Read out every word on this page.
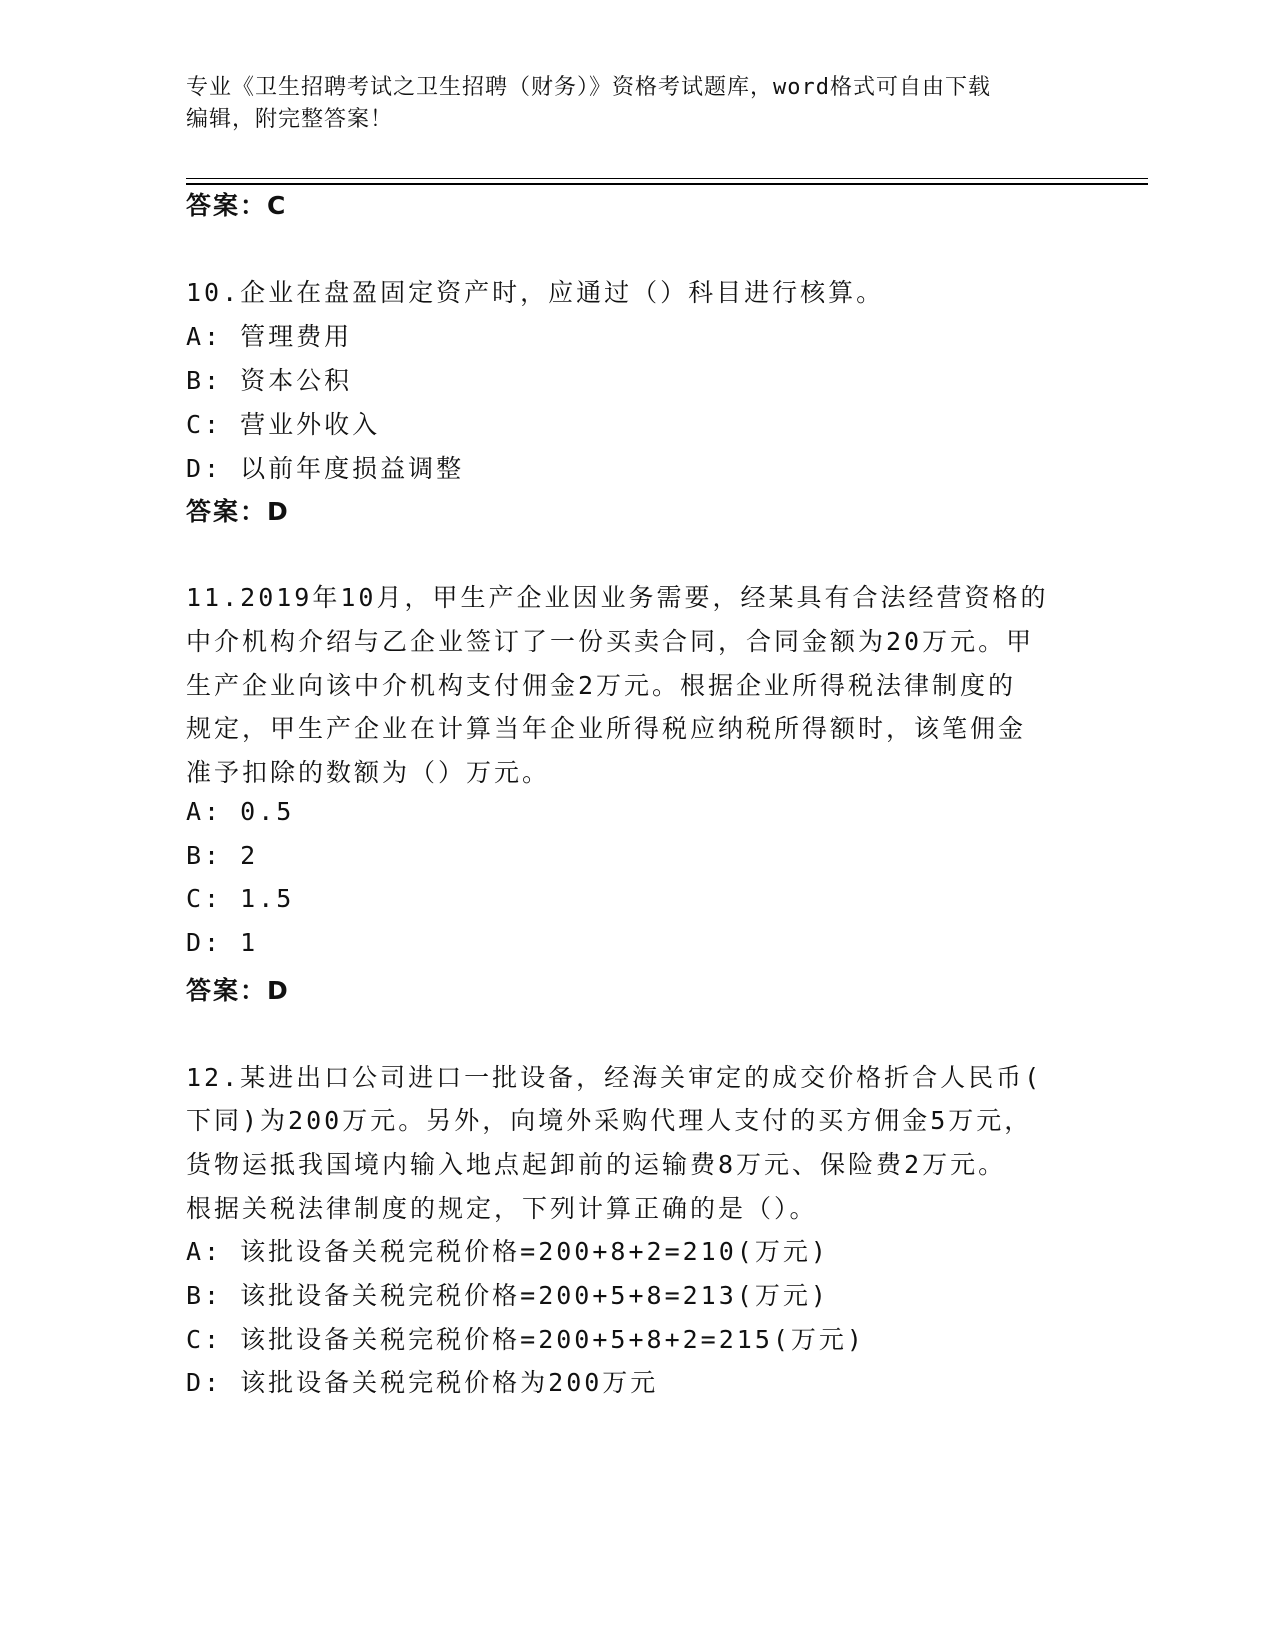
专业《卫生招聘考试之卫生招聘（财务）》资格考试题库，word格式可自由下载
编辑，附完整答案！
答案：C
10.企业在盘盈固定资产时，应通过（）科目进行核算。
A: 管理费用
B: 资本公积
C: 营业外收入
D: 以前年度损益调整
答案：D
11.2019年10月，甲生产企业因业务需要，经某具有合法经营资格的
中介机构介绍与乙企业签订了一份买卖合同，合同金额为20万元。甲
生产企业向该中介机构支付佣金2万元。根据企业所得税法律制度的
规定，甲生产企业在计算当年企业所得税应纳税所得额时，该笔佣金
准予扣除的数额为（）万元。
A: 0.5
B: 2
C: 1.5
D: 1
答案：D
12.某进出口公司进口一批设备，经海关审定的成交价格折合人民币(
下同)为200万元。另外，向境外采购代理人支付的买方佣金5万元，
货物运抵我国境内输入地点起卸前的运输费8万元、保险费2万元。
根据关税法律制度的规定，下列计算正确的是（）。
A: 该批设备关税完税价格=200+8+2=210(万元)
B: 该批设备关税完税价格=200+5+8=213(万元)
C: 该批设备关税完税价格=200+5+8+2=215(万元)
D: 该批设备关税完税价格为200万元
